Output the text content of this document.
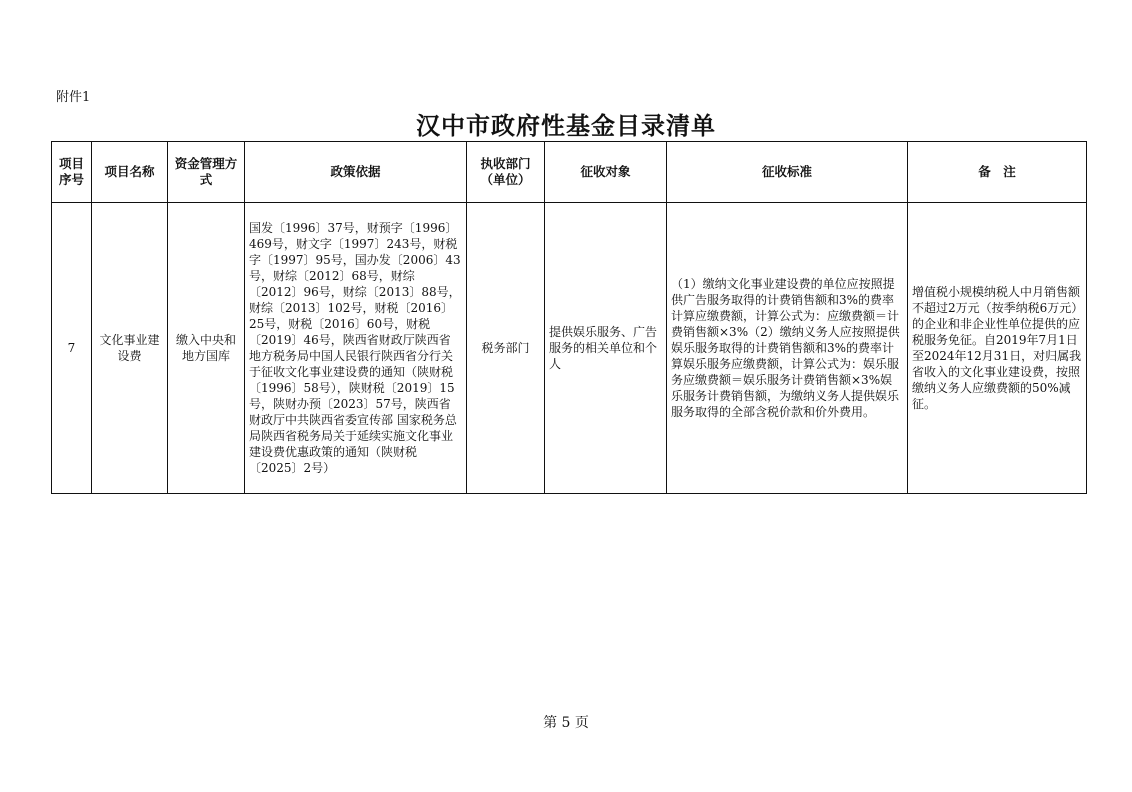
附件1
汉中市政府性基金目录清单
项目序号	项目名称	资金管理方式	政策依据	执收部门（单位）	征收对象	征收标准	备　注
7	文化事业建设费	缴入中央和地方国库	国发〔1996〕37号，财预字〔1996〕469号，财文字〔1997〕243号，财税字〔1997〕95号，国办发〔2006〕43号，财综〔2012〕68号，财综〔2012〕96号，财综〔2013〕88号，财综〔2013〕102号，财税〔2016〕25号，财税〔2016〕60号，财税〔2019〕46号，陕西省财政厅陕西省地方税务局中国人民银行陕西省分行关于征收文化事业建设费的通知（陕财税〔1996〕58号），陕财税〔2019〕15号，陕财办预〔2023〕57号，陕西省财政厅中共陕西省委宣传部 国家税务总局陕西省税务局关于延续实施文化事业建设费优惠政策的通知（陕财税〔2025〕2号）	税务部门	提供娱乐服务、广告服务的相关单位和个人	（1）缴纳文化事业建设费的单位应按照提供广告服务取得的计费销售额和3%的费率计算应缴费额，计算公式为：应缴费额＝计费销售额×3%（2）缴纳义务人应按照提供娱乐服务取得的计费销售额和3%的费率计算娱乐服务应缴费额，计算公式为：娱乐服务应缴费额＝娱乐服务计费销售额×3%娱乐服务计费销售额，为缴纳义务人提供娱乐服务取得的全部含税价款和价外费用。	增值税小规模纳税人中月销售额不超过2万元（按季纳税6万元）的企业和非企业性单位提供的应税服务免征。自2019年7月1日至2024年12月31日，对归属我省收入的文化事业建设费，按照缴纳义务人应缴费额的50%减征。
第 5 页
